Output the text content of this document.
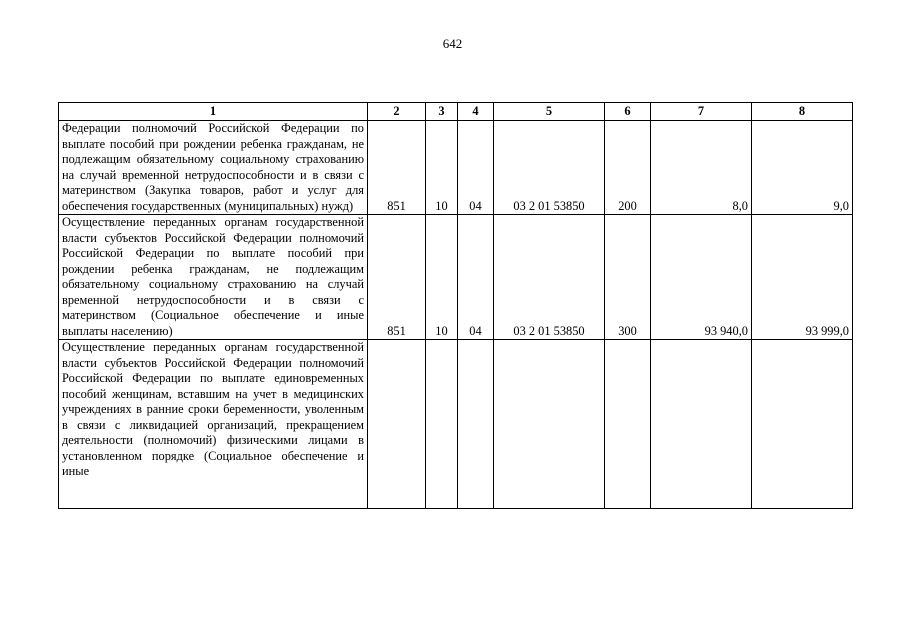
642
1	2	3	4	5	6	7	8
Федерации полномочий Российской Федерации по выплате пособий при рождении ребенка гражданам, не подлежащим обязательному социальному страхованию на случай временной нетрудоспособности и в связи с материнством (Закупка товаров, работ и услуг для обеспечения государственных (муниципальных) нужд)	851	10	04	03 2 01 53850	200	8,0	9,0
Осуществление переданных органам государственной власти субъектов Российской Федерации полномочий Российской Федерации по выплате пособий при рождении ребенка гражданам, не подлежащим обязательному социальному страхованию на случай временной нетрудоспособности и в связи с материнством (Социальное обеспечение и иные выплаты населению)	851	10	04	03 2 01 53850	300	93 940,0	93 999,0
Осуществление переданных органам государственной власти субъектов Российской Федерации полномочий Российской Федерации по выплате единовременных пособий женщинам, вставшим на учет в медицинских учреждениях в ранние сроки беременности, уволенным в связи с ликвидацией организаций, прекращением деятельности (полномочий) физическими лицами в установленном порядке (Социальное обеспечение и иные							
